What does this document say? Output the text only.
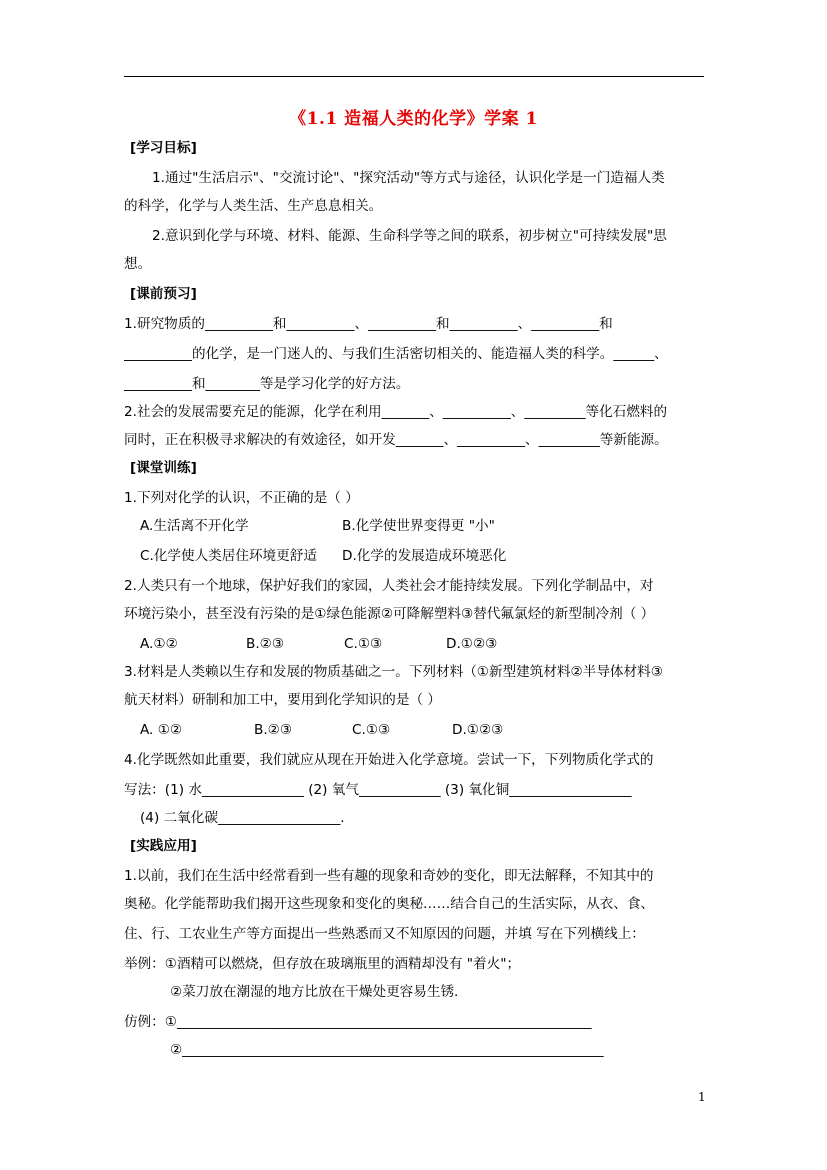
《1.1 造福人类的化学》学案 1
[学习目标]
1.通过"生活启示"、"交流讨论"、"探究活动"等方式与途径，认识化学是一门造福人类
的科学，化学与人类生活、生产息息相关。
2.意识到化学与环境、材料、能源、生命科学等之间的联系，初步树立"可持续发展"思
想。
[课前预习]
1.研究物质的__________和__________、__________和__________、__________和
__________的化学，是一门迷人的、与我们生活密切相关的、能造福人类的科学。______、
__________和________等是学习化学的好方法。
2.社会的发展需要充足的能源，化学在利用_______、__________、_________等化石燃料的
同时，正在积极寻求解决的有效途径，如开发_______、__________、_________等新能源。
[课堂训练]
1.下列对化学的认识，不正确的是（ ）
A.生活离不开化学	B.化学使世界变得更 "小"
C.化学使人类居住环境更舒适 D.化学的发展造成环境恶化
2.人类只有一个地球，保护好我们的家园，人类社会才能持续发展。下列化学制品中，对
环境污染小，甚至没有污染的是①绿色能源②可降解塑料③替代氟氯烃的新型制冷剂（ ）
A.①②	B.②③	C.①③	D.①②③
3.材料是人类赖以生存和发展的物质基础之一。下列材料（①新型建筑材料②半导体材料③
航天材料）研制和加工中，要用到化学知识的是（ ）
A. ①②	B.②③	C.①③	D.①②③
4.化学既然如此重要，我们就应从现在开始进入化学意境。尝试一下，下列物质化学式的
写法：(1) 水_______________ (2) 氧气____________ (3) 氧化铜__________________
(4) 二氧化碳__________________.
[实践应用]
1.以前，我们在生活中经常看到一些有趣的现象和奇妙的变化，即无法解释，不知其中的
奥秘。化学能帮助我们揭开这些现象和变化的奥秘……结合自己的生活实际，从衣、食、
住、行、工农业生产等方面提出一些熟悉而又不知原因的问题，并填 写在下列横线上：
举例：①酒精可以燃烧，但存放在玻璃瓶里的酒精却没有 "着火"；
②菜刀放在潮湿的地方比放在干燥处更容易生锈.
仿例：①_____________________________________________________________
②______________________________________________________________
1
